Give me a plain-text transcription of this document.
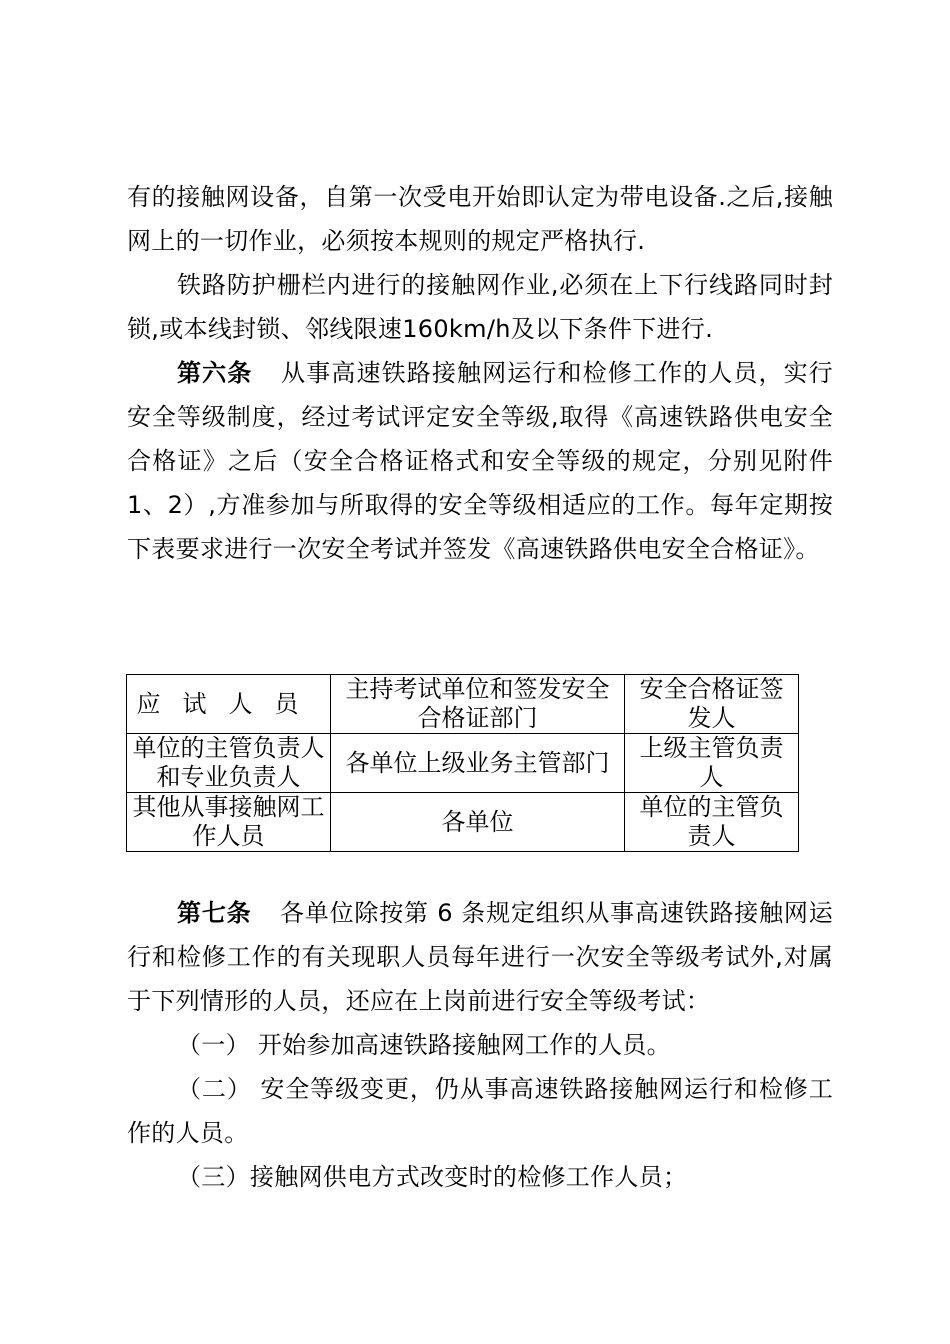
有的接触网设备，自第一次受电开始即认定为带电设备.之后,接触网上的一切作业，必须按本规则的规定严格执行.

铁路防护栅栏内进行的接触网作业,必须在上下行线路同时封锁,或本线封锁、邻线限速160km/h及以下条件下进行.

第六条 从事高速铁路接触网运行和检修工作的人员，实行安全等级制度，经过考试评定安全等级,取得《高速铁路供电安全合格证》之后（安全合格证格式和安全等级的规定，分别见附件 1、2）,方准参加与所取得的安全等级相适应的工作。每年定期按下表要求进行一次安全考试并签发《高速铁路供电安全合格证》。

应试人员	主持考试单位和签发安全合格证部门	安全合格证签发人
单位的主管负责人和专业负责人	各单位上级业务主管部门	上级主管负责人
其他从事接触网工作人员	各单位	单位的主管负责人

第七条 各单位除按第 6 条规定组织从事高速铁路接触网运行和检修工作的有关现职人员每年进行一次安全等级考试外,对属于下列情形的人员，还应在上岗前进行安全等级考试：

（一） 开始参加高速铁路接触网工作的人员。

（二） 安全等级变更，仍从事高速铁路接触网运行和检修工作的人员。

（三）接触网供电方式改变时的检修工作人员；
